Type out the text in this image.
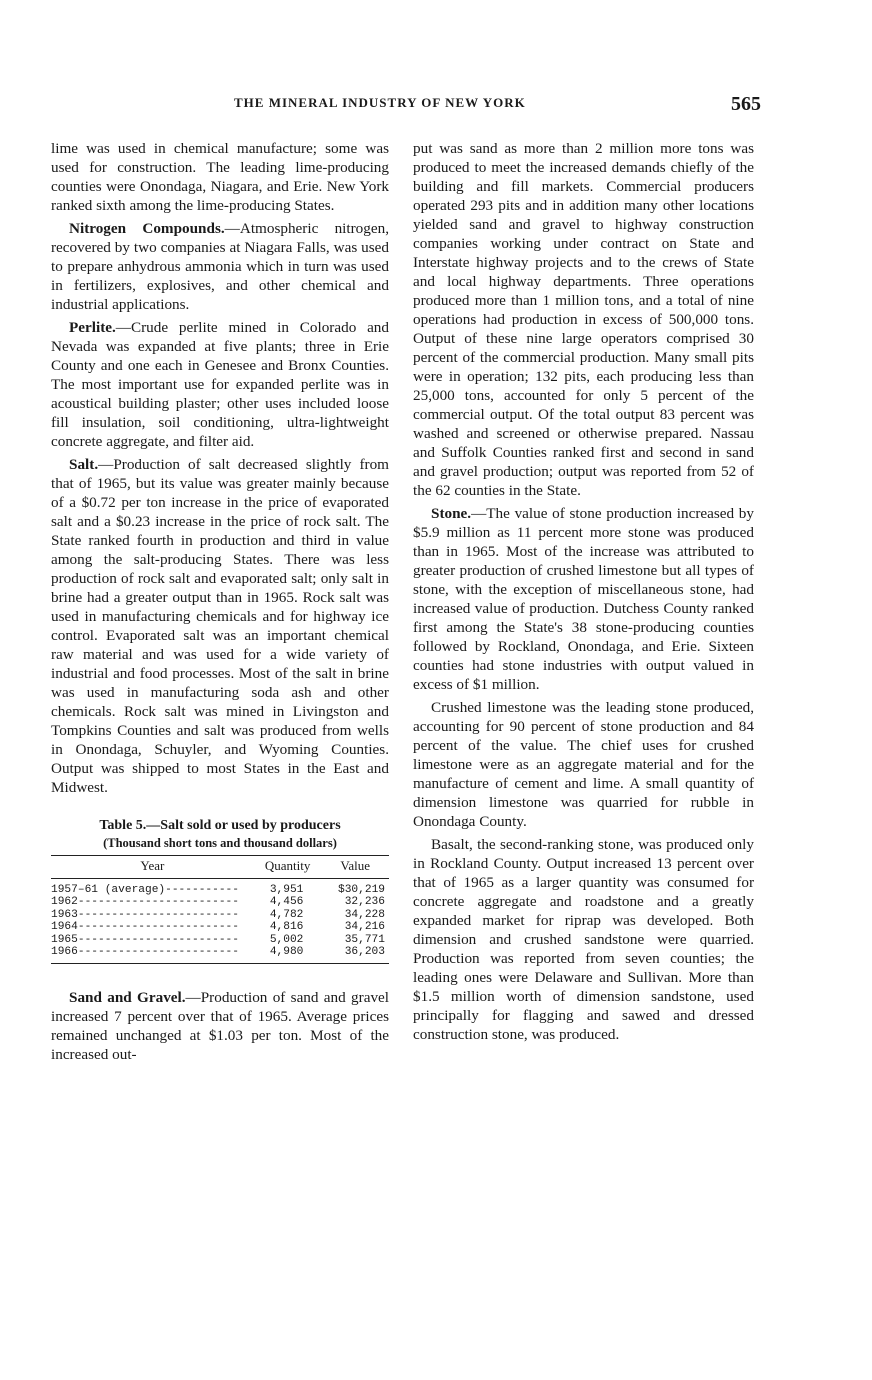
THE MINERAL INDUSTRY OF NEW YORK	565

lime was used in chemical manufacture; some was used for construction. The leading lime-producing counties were Onondaga, Niagara, and Erie. New York ranked sixth among the lime-producing States.

Nitrogen Compounds.—Atmospheric nitrogen, recovered by two companies at Niagara Falls, was used to prepare anhydrous ammonia which in turn was used in fertilizers, explosives, and other chemical and industrial applications.

Perlite.—Crude perlite mined in Colorado and Nevada was expanded at five plants; three in Erie County and one each in Genesee and Bronx Counties. The most important use for expanded perlite was in acoustical building plaster; other uses included loose fill insulation, soil conditioning, ultra-lightweight concrete aggregate, and filter aid.

Salt.—Production of salt decreased slightly from that of 1965, but its value was greater mainly because of a $0.72 per ton increase in the price of evaporated salt and a $0.23 increase in the price of rock salt. The State ranked fourth in production and third in value among the salt-producing States. There was less production of rock salt and evaporated salt; only salt in brine had a greater output than in 1965. Rock salt was used in manufacturing chemicals and for highway ice control. Evaporated salt was an important chemical raw material and was used for a wide variety of industrial and food processes. Most of the salt in brine was used in manufacturing soda ash and other chemicals. Rock salt was mined in Livingston and Tompkins Counties and salt was produced from wells in Onondaga, Schuyler, and Wyoming Counties. Output was shipped to most States in the East and Midwest.

Table 5.—Salt sold or used by producers
(Thousand short tons and thousand dollars)
Year	Quantity	Value
1957–61 (average)-----------	3,951	$30,219
1962------------------------	4,456	32,236
1963------------------------	4,782	34,228
1964------------------------	4,816	34,216
1965------------------------	5,002	35,771
1966------------------------	4,980	36,203

Sand and Gravel.—Production of sand and gravel increased 7 percent over that of 1965. Average prices remained unchanged at $1.03 per ton. Most of the increased out-

put was sand as more than 2 million more tons was produced to meet the increased demands chiefly of the building and fill markets. Commercial producers operated 293 pits and in addition many other locations yielded sand and gravel to highway construction companies working under contract on State and Interstate highway projects and to the crews of State and local highway departments. Three operations produced more than 1 million tons, and a total of nine operations had production in excess of 500,000 tons. Output of these nine large operators comprised 30 percent of the commercial production. Many small pits were in operation; 132 pits, each producing less than 25,000 tons, accounted for only 5 percent of the commercial output. Of the total output 83 percent was washed and screened or otherwise prepared. Nassau and Suffolk Counties ranked first and second in sand and gravel production; output was reported from 52 of the 62 counties in the State.

Stone.—The value of stone production increased by $5.9 million as 11 percent more stone was produced than in 1965. Most of the increase was attributed to greater production of crushed limestone but all types of stone, with the exception of miscellaneous stone, had increased value of production. Dutchess County ranked first among the State's 38 stone-producing counties followed by Rockland, Onondaga, and Erie. Sixteen counties had stone industries with output valued in excess of $1 million.

Crushed limestone was the leading stone produced, accounting for 90 percent of stone production and 84 percent of the value. The chief uses for crushed limestone were as an aggregate material and for the manufacture of cement and lime. A small quantity of dimension limestone was quarried for rubble in Onondaga County.

Basalt, the second-ranking stone, was produced only in Rockland County. Output increased 13 percent over that of 1965 as a larger quantity was consumed for concrete aggregate and roadstone and a greatly expanded market for riprap was developed. Both dimension and crushed sandstone were quarried. Production was reported from seven counties; the leading ones were Delaware and Sullivan. More than $1.5 million worth of dimension sandstone, used principally for flagging and sawed and dressed construction stone, was produced.
